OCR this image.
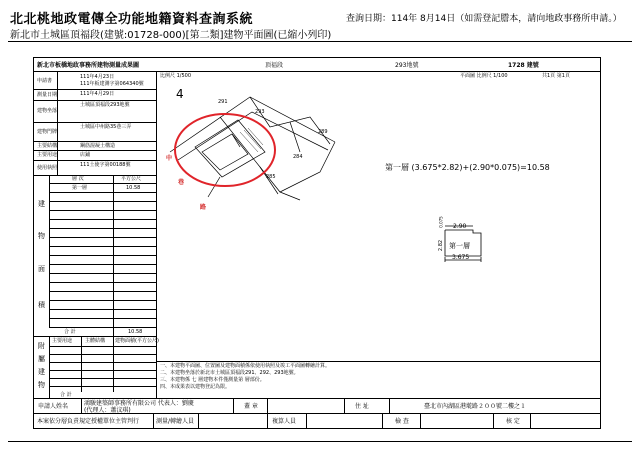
北北桃地政電傳全功能地籍資料查詢系統	查詢日期：114年 8月14日（如需登記謄本，請向地政事務所申請。）
新北市土城區頂福段(建號:01728-000)[第二類]建物平面圖(已縮小列印)
新北市板橋地政事務所建物測量成果圖	頂福段	293地號	1728 建號
比例尺 1/500	平面圖 比例尺 1/100	共1頁 第1頁
4
申請書
111年4月23日
111年板建測字第064340號
測量日期	111年4月29日
建物坐落
土城區頂福段293地號
建物門牌
土城區中州路35巷三弄
主要結構	鋼筋混凝土構造
主要用途	店鋪
使用執照	111土使字第00188號
層 次	平方公尺
第一層	10.58
建
物
面
積
合 計	10.58
主要用途	主體結構 建物面積(平方公尺)
附
屬
建
物
合 計
中
路
巷
293
289
291
284
285
第一層 (3.675*2.82)+(2.90*0.075)=10.58
2.90
0.075
2.82 第一層
3.675
一、本建物平面圖、位置圖及建物面積係依使用執照及竣工平面圖轉繪計算。
二、本建物坐落於新北市土城區頂福段291、292、293地號。
三、本建物係 七 層建物本件僅測量第 層部份。
四、本成果表以建物登記為限。
申請人姓名	鴻駿建築師事務所有限公司 代表人：劉慶
(代理人：蕭汶琪)
蓋 章	住 址	臺北市內湖區港墘路２００號二樓之１
本案依分層負責規定授權單位主管判行	測量/轉繪人員	複算人員	檢 查	核 定
